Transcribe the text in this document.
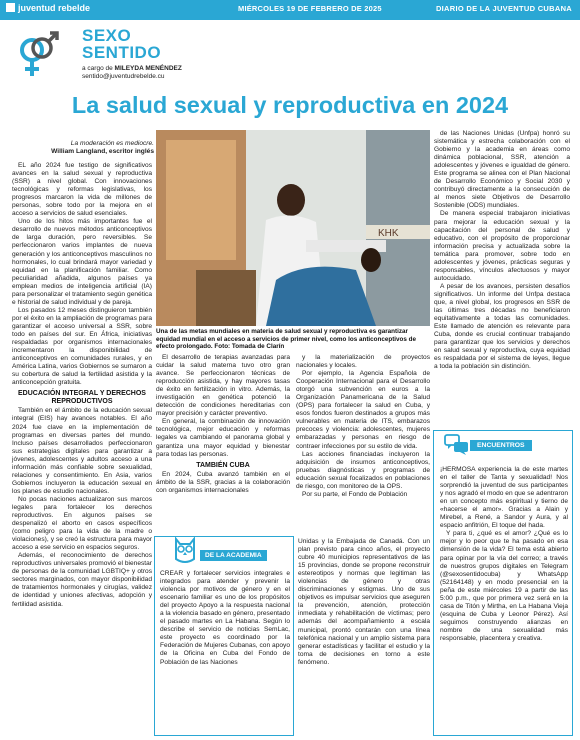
juventud rebelde	MIÉRCOLES 19 DE FEBRERO DE 2025	DIARIO DE LA JUVENTUD CUBANA
SEXO
SENTIDO
a cargo de MILEYDA MENÉNDEZ
sentido@juventudrebelde.cu
La salud sexual y reproductiva en 2024
La moderación es mediocre.
William Langland, escritor inglés

EL año 2024 fue testigo de significativos avances en la salud sexual y reproductiva (SSR) a nivel global. Con innovaciones tecnológicas y reformas legislativas, los progresos marcaron la vida de millones de personas, sobre todo por la mejora en el acceso a servicios de salud esenciales.

Uno de los hitos más importantes fue el desarrollo de nuevos métodos anticonceptivos de larga duración, pero reversibles. Se perfeccionaron varios implantes de nueva generación y los anticonceptivos masculinos no hormonales, lo cual brindará mayor variedad y equidad en la planificación familiar. Como peculiaridad añadida, algunos países ya emplean medios de inteligencia artificial (IA) para personalizar el tratamiento según genética e historial de salud individual y de pareja.

Los pasados 12 meses distinguieron también por el éxito en la ampliación de programas para garantizar el acceso universal a SSR, sobre todo en países del sur. En África, iniciativas respaldadas por organismos internacionales incrementaron la disponibilidad de anticonceptivos en comunidades rurales, y en América Latina, varios Gobiernos se sumaron a su cobertura de salud la fertilidad asistida y la anticoncepción gratuita.

EDUCACIÓN INTEGRAL Y DERECHOS REPRODUCTIVOS

También en el ámbito de la educación sexual integral (EIS) hay avances notables. El año 2024 fue clave en la implementación de programas en diversas partes del mundo. Incluso países desarrollados perfeccionaron sus estrategias digitales para garantizar a jóvenes, adolescentes y adultos acceso a una información más confiable sobre sexualidad, relaciones y consentimiento. En Asia, varios Gobiernos incluyeron la educación sexual en los planes de estudio nacionales.

No pocas naciones actualizaron sus marcos legales para fortalecer los derechos reproductivos. En algunos países se despenalizó el aborto en casos específicos (como peligro para la vida de la madre o violaciones), y se creó la estructura para mayor acceso a ese servicio en espacios seguros.

Además, el reconocimiento de derechos reproductivos universales promovió el bienestar de personas de la comunidad LGBTIQ+ y otros sectores marginados, con mayor disponibilidad de tratamientos hormonales y cirugías, validez de identidad y uniones afectivas, adopción y fertilidad asistida.

KHK
Una de las metas mundiales en materia de salud sexual y reproductiva es garantizar equidad mundial en el acceso a servicios de primer nivel, como los anticonceptivos de efecto prolongado. Foto: Tomada de Clarín

El desarrollo de terapias avanzadas para cuidar la salud materna tuvo otro gran avance. Se perfeccionaron técnicas de reproducción asistida, y hay mayores tasas de éxito en fertilización in vitro. Además, la investigación en genética potenció la detección de condiciones hereditarias con mayor precisión y carácter preventivo.

En general, la combinación de innovación tecnológica, mejor educación y reformas legales va cambiando el panorama global y garantiza una mayor equidad y bienestar para todas las personas.

TAMBIÉN CUBA

En 2024, Cuba avanzó también en el ámbito de la SSR, gracias a la colaboración con organismos internacionales

y la materialización de proyectos nacionales y locales.

Por ejemplo, la Agencia Española de Cooperación Internacional para el Desarrollo otorgó una subvención en euros a la Organización Panamericana de la Salud (OPS) para fortalecer la salud en Cuba, y esos fondos fueron destinados a grupos más vulnerables en materia de ITS, embarazos precoces y violencia: adolescentes, mujeres embarazadas y personas en riesgo de contraer infecciones por su estilo de vida.

Las acciones financiadas incluyeron la adquisición de insumos anticonceptivos, pruebas diagnósticas y programas de educación sexual focalizados en poblaciones de riesgo, con monitoreo de la OPS.

Por su parte, el Fondo de Población

de las Naciones Unidas (Unfpa) honró su sistemática y estrecha colaboración con el Gobierno y la academia en áreas como dinámica poblacional, SSR, atención a adolescentes y jóvenes e igualdad de género. Este programa se alinea con el Plan Nacional de Desarrollo Económico y Social 2030 y contribuyó directamente a la consecución de al menos siete Objetivos de Desarrollo Sostenible (ODS) mundiales.

De manera especial trabajaron iniciativas para mejorar la educación sexual y la capacitación del personal de salud y educativo, con el propósito de proporcionar información precisa y actualizada sobre la temática para promover, sobre todo en adolescentes y jóvenes, prácticas seguras y responsables, vínculos afectuosos y mayor autocuidado.

A pesar de los avances, persisten desafíos significativos. Un informe del Unfpa destaca que, a nivel global, los progresos en SSR de las últimas tres décadas no beneficiaron equitativamente a todas las comunidades. Este llamado de atención es relevante para Cuba, donde es crucial continuar trabajando para garantizar que los servicios y derechos en salud sexual y reproductiva, cuya equidad es respaldada por el sistema de leyes, llegue a toda la población sin distinción.

DE LA ACADEMIA
CREAR y fortalecer servicios integrales e integrados para atender y prevenir la violencia por motivos de género y en el escenario familiar es uno de los propósitos del proyecto Apoyo a la respuesta nacional a la violencia basado en género, presentado el pasado martes en La Habana. Según lo describe el servicio de noticias SemLac, este proyecto es coordinado por la Federación de Mujeres Cubanas, con apoyo de la Oficina en Cuba del Fondo de Población de las Naciones
Unidas y la Embajada de Canadá. Con un plan previsto para cinco años, el proyecto cubre 40 municipios representativos de las 15 provincias, donde se propone reconstruir estereotipos y normas que legitiman las violencias de género y otras discriminaciones y estigmas. Uno de sus objetivos es impulsar servicios que aseguren la prevención, atención, protección inmediata y rehabilitación de víctimas; pero además del acompañamiento a escala municipal, prontó contarán con una línea telefónica nacional y un amplio sistema para generar estadísticas y facilitar el estudio y la toma de decisiones en torno a este fenómeno.
ENCUENTROS

¡HERMOSA experiencia la de este martes en el taller de Tanta y sexualidad! Nos sorprendió la juventud de sus participantes y nos agradó el modo en que se adentraron en un concepto más espiritual y tierno de «hacerse el amor». Gracias a Alain y Mirebel, a René, a Sandor y Aura, y al espacio anfitrión, El toque del hada.

Y para ti, ¿qué es el amor? ¿Qué es lo mejor y lo peor que te ha pasado en esa dimensión de la vida? El tema está abierto para opinar por la vía del correo; a través de nuestros grupos digitales en Telegram (@sexosentidocuba) y WhatsApp (52164148) y en modo presencial en la peña de este miércoles 19 a partir de las 5:00 p.m., que por primera vez será en la casa de Titón y Mirtha, en La Habana Vieja (esquina de Cuba y Leonor Pérez). Así seguimos construyendo alianzas en nombre de una sexualidad más responsable, placentera y creativa.
